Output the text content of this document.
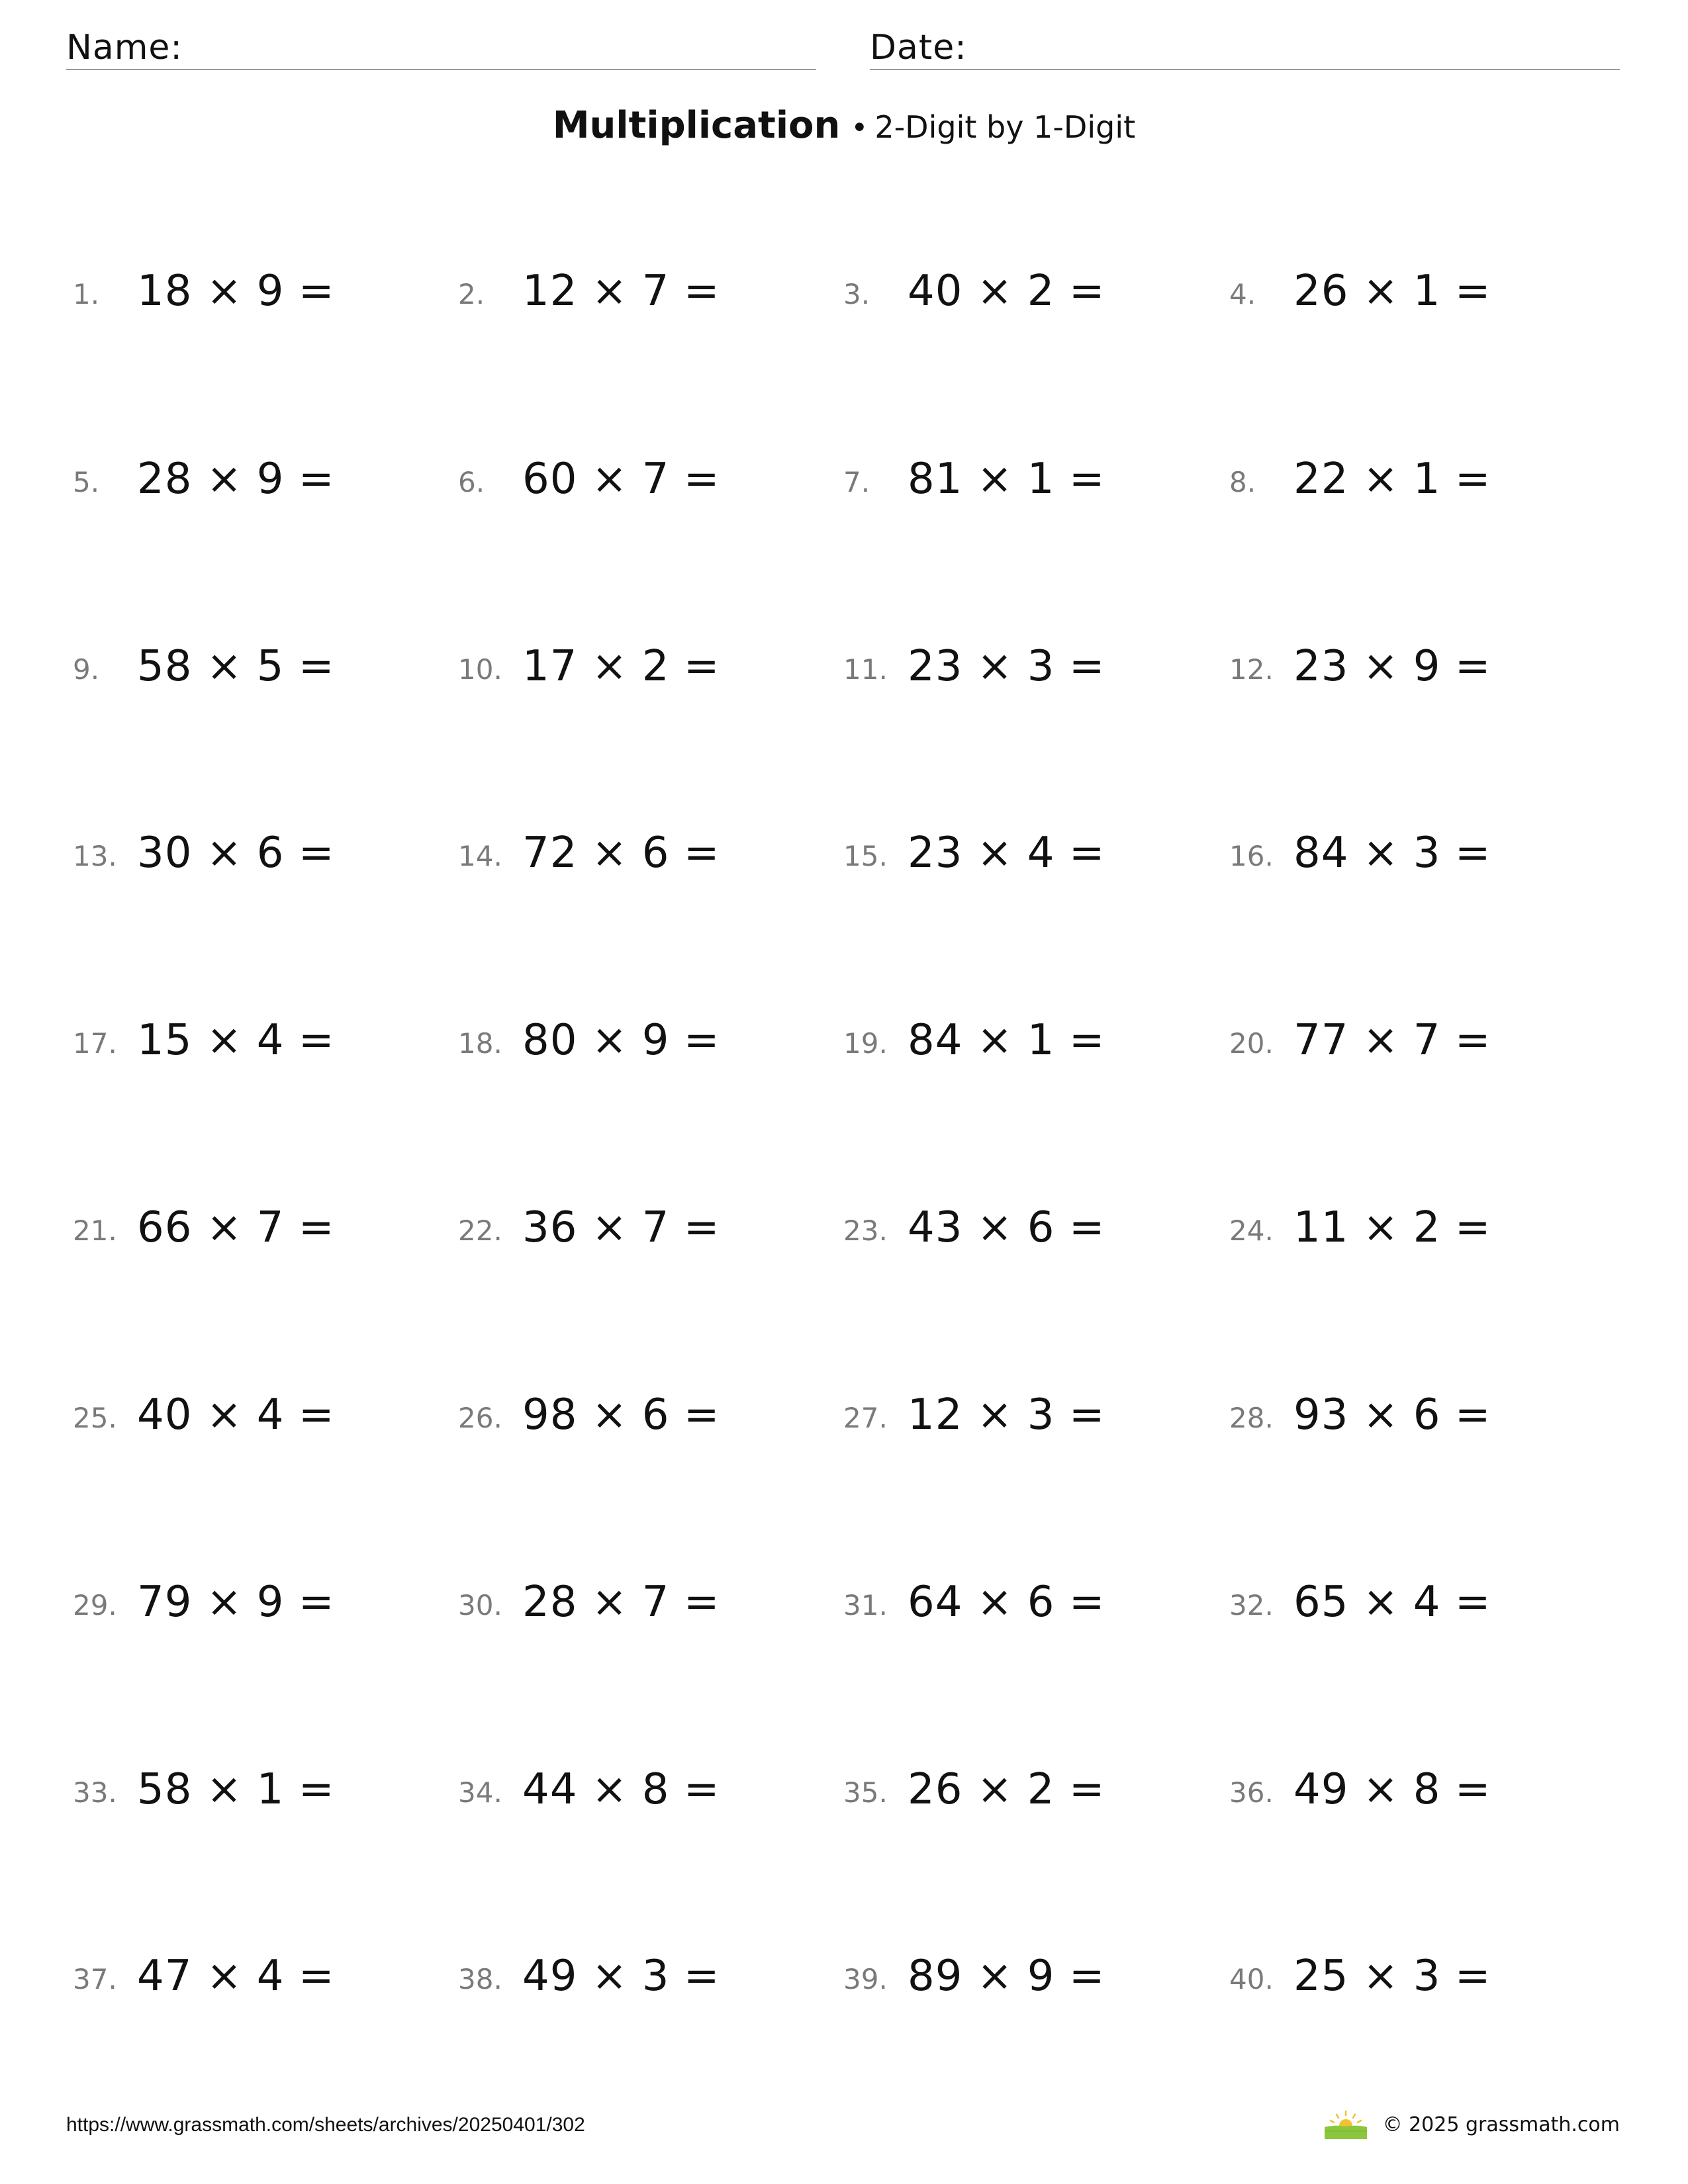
Name:	Date:
Multiplication • 2-Digit by 1-Digit
1. 18 × 9 =	2. 12 × 7 =	3. 40 × 2 =	4. 26 × 1 =
5. 28 × 9 =	6. 60 × 7 =	7. 81 × 1 =	8. 22 × 1 =
9. 58 × 5 =	10. 17 × 2 =	11. 23 × 3 =	12. 23 × 9 =
13. 30 × 6 =	14. 72 × 6 =	15. 23 × 4 =	16. 84 × 3 =
17. 15 × 4 =	18. 80 × 9 =	19. 84 × 1 =	20. 77 × 7 =
21. 66 × 7 =	22. 36 × 7 =	23. 43 × 6 =	24. 11 × 2 =
25. 40 × 4 =	26. 98 × 6 =	27. 12 × 3 =	28. 93 × 6 =
29. 79 × 9 =	30. 28 × 7 =	31. 64 × 6 =	32. 65 × 4 =
33. 58 × 1 =	34. 44 × 8 =	35. 26 × 2 =	36. 49 × 8 =
37. 47 × 4 =	38. 49 × 3 =	39. 89 × 9 =	40. 25 × 3 =
https://www.grassmath.com/sheets/archives/20250401/302	© 2025 grassmath.com
